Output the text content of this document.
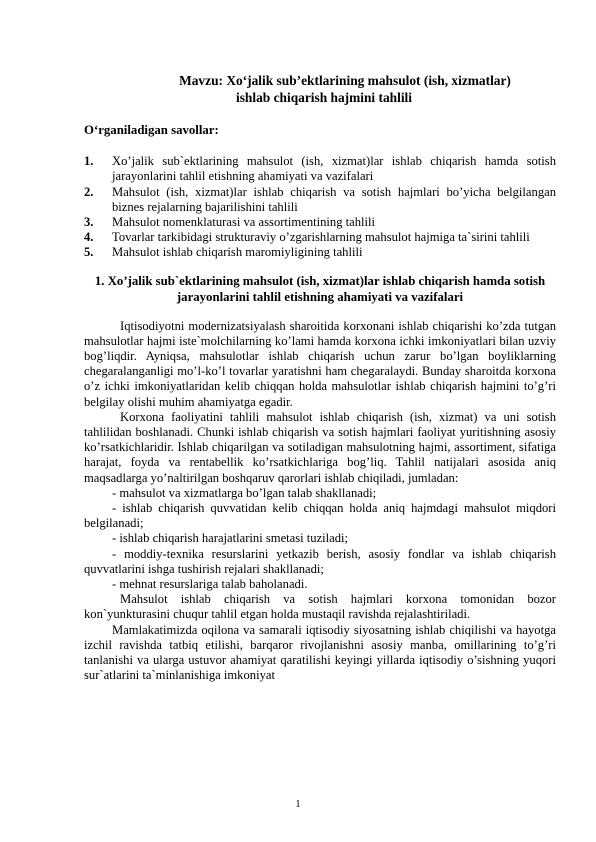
Mavzu: Xo‘jalik sub’ektlarining mahsulot (ish, xizmatlar)
ishlab chiqarish hajmini tahlili

O‘rganiladigan savollar:

1.	Xo’jalik sub`ektlarining mahsulot (ish, xizmat)lar ishlab chiqarish hamda sotish jarayonlarini tahlil etishning ahamiyati va vazifalari
2.	Mahsulot (ish, xizmat)lar ishlab chiqarish va sotish hajmlari bo’yicha belgilangan biznes rejalarning bajarilishini tahlili
3.	Mahsulot nomenklaturasi va assortimentining tahlili
4.	Tovarlar tarkibidagi strukturaviy o’zgarishlarning mahsulot hajmiga ta`sirini tahlili
5.	Mahsulot ishlab chiqarish maromiyligining tahlili
1. Xo’jalik sub`ektlarining mahsulot (ish, xizmat)lar ishlab chiqarish hamda sotish jarayonlarini tahlil etishning ahamiyati va vazifalari

Iqtisodiyotni modernizatsiyalash sharoitida korxonani ishlab chiqarishi ko’zda tutgan mahsulotlar hajmi iste`molchilarning ko’lami hamda korxona ichki imkoniyatlari bilan uzviy bog’liqdir. Ayniqsa, mahsulotlar ishlab chiqarish uchun zarur bo’lgan boyliklarning chegaralanganligi mo’l-ko’l tovarlar yaratishni ham chegaralaydi. Bunday sharoitda korxona o’z ichki imkoniyatlaridan kelib chiqqan holda mahsulotlar ishlab chiqarish hajmini to’g’ri belgilay olishi muhim ahamiyatga egadir.

Korxona faoliyatini tahlili mahsulot ishlab chiqarish (ish, xizmat) va uni sotish tahlilidan boshlanadi. Chunki ishlab chiqarish va sotish hajmlari faoliyat yuritishning asosiy ko’rsatkichlaridir. Ishlab chiqarilgan va sotiladigan mahsulotning hajmi, assortiment, sifatiga harajat, foyda va rentabellik ko’rsatkichlariga bog’liq. Tahlil natijalari asosida aniq maqsadlarga yo’naltirilgan boshqaruv qarorlari ishlab chiqiladi, jumladan:

- mahsulot va xizmatlarga bo’lgan talab shakllanadi;

- ishlab chiqarish quvvatidan kelib chiqqan holda aniq hajmdagi mahsulot miqdori belgilanadi;

- ishlab chiqarish harajatlarini smetasi tuziladi;

- moddiy-texnika resurslarini yetkazib berish, asosiy fondlar va ishlab chiqarish quvvatlarini ishga tushirish rejalari shakllanadi;

- mehnat resurslariga talab baholanadi.

Mahsulot ishlab chiqarish va sotish hajmlari korxona tomonidan bozor kon`yunkturasini chuqur tahlil etgan holda mustaqil ravishda rejalashtiriladi.

Mamlakatimizda oqilona va samarali iqtisodiy siyosatning ishlab chiqilishi va hayotga izchil ravishda tatbiq etilishi, barqaror rivojlanishni asosiy manba, omillarining to’g’ri tanlanishi va ularga ustuvor ahamiyat qaratilishi keyingi yillarda iqtisodiy o’sishning yuqori sur`atlarini ta`minlanishiga imkoniyat

1
